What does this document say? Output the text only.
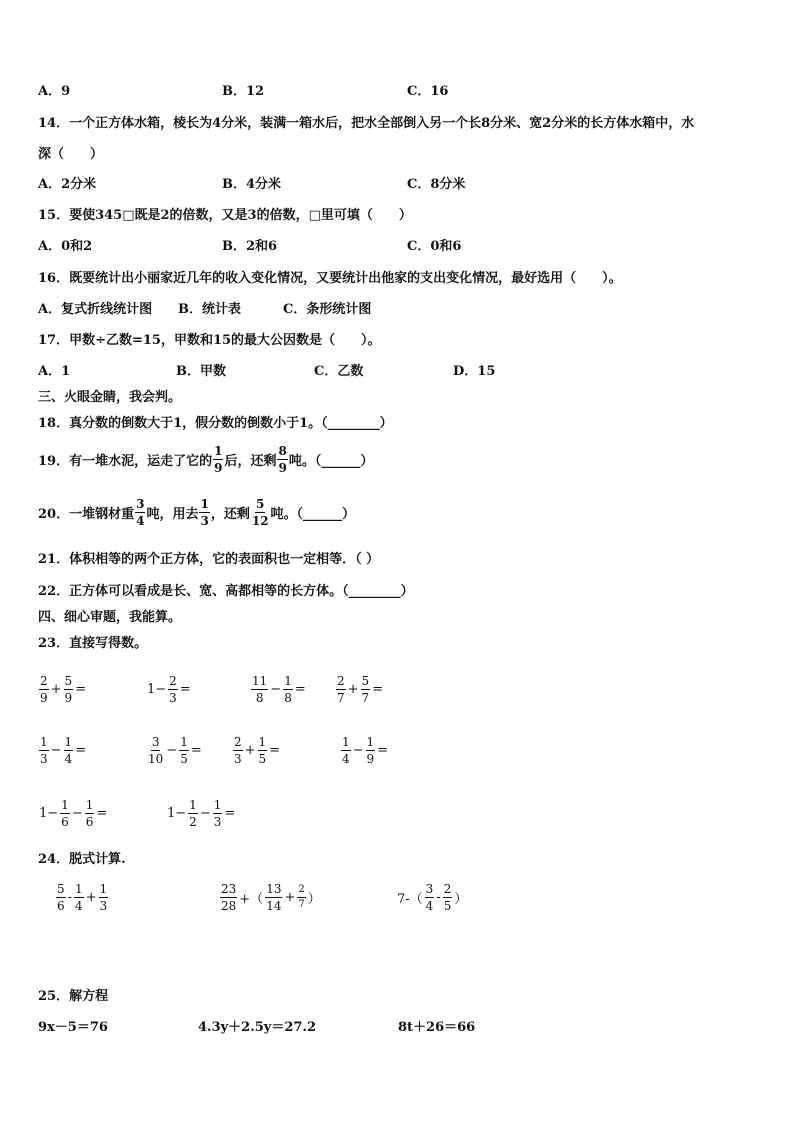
A．9	B．12	C．16
14．一个正方体水箱，棱长为4分米，装满一箱水后，把水全部倒入另一个长8分米、宽2分米的长方体水箱中，水
深（　　）
A．2分米	B．4分米	C．8分米
15．要使345□既是2的倍数，又是3的倍数，□里可填（　　）
A．0和2	B．2和6	C．0和6
16．既要统计出小丽家近几年的收入变化情况，又要统计出他家的支出变化情况，最好选用（　　）。
A．复式折线统计图 B．统计表	C．条形统计图
17．甲数÷乙数=15，甲数和15的最大公因数是（　　）。
A．1	B．甲数	C．乙数	D．15
三、火眼金睛，我会判。
18．真分数的倒数大于1，假分数的倒数小于1。（________）
19．有一堆水泥，运走了它的 $\frac{1}{9}$ 后，还剩 $\frac{8}{9}$ 吨。（______）
20．一堆钢材重 $\frac{3}{4}$ 吨，用去 $\frac{1}{3}$ ，还剩 $\frac{5}{12}$ 吨。（______）
21．体积相等的两个正方体，它的表面积也一定相等．（ ）
22．正方体可以看成是长、宽、高都相等的长方体。（________）
四、细心审题，我能算。
23．直接写得数。
$\frac{2}{9} + \frac{5}{9}$ =	$1- \frac{2}{3}$ =	$\frac{11}{8} - \frac{1}{8}$ =	$\frac{2}{7} + \frac{5}{7}$ =
$\frac{1}{3} - \frac{1}{4}$ =	$\frac{3}{10} - \frac{1}{5}$ =	$\frac{2}{3} + \frac{1}{5}$ =	$\frac{1}{4} - \frac{1}{9}$ =
$1- \frac{1}{6} - \frac{1}{6}$ =	$1- \frac{1}{2} - \frac{1}{3}$ =
24．脱式计算.
$\frac{5}{6} - \frac{1}{4} + \frac{1}{3}$	$\frac{23}{28}$ +（ $\frac{13}{14} + \frac{2}{7}$ ）	$7-( \frac{3}{4} - \frac{2}{5}$ ）
25．解方程
9x－5＝76	4.3y＋2.5y＝27.2	8t＋26＝66
